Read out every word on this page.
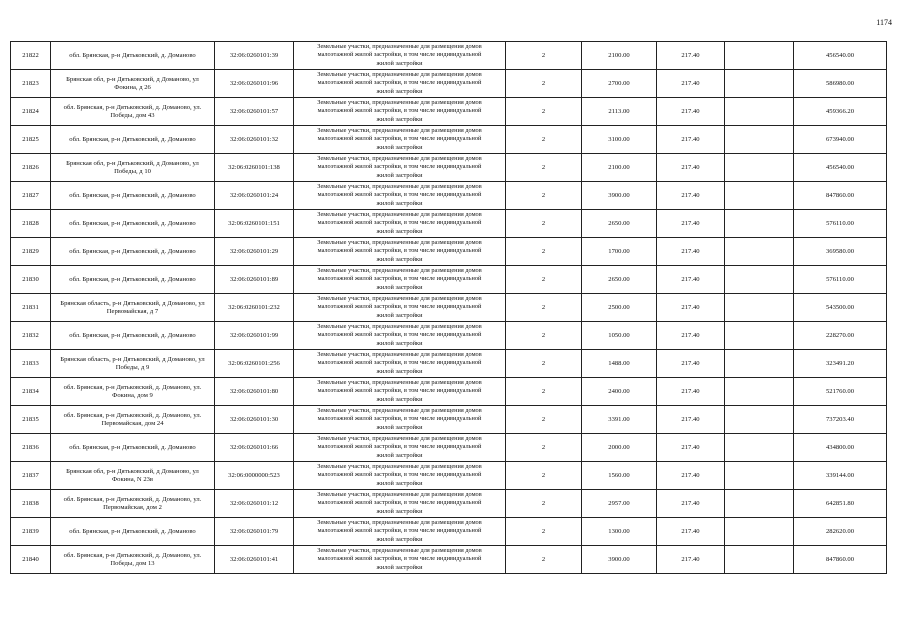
1174
21822	обл. Брянская, р-н Дятьковский, д. Доманово	32:06:0260101:39	Земельные участки, предназначенные для размещения домов
малоэтажной жилой застройки, в том числе индивидуальной
жилой застройки	2	2100.00	217.40		456540.00
21823	Брянская обл, р-н Дятьковский, д Доманово, ул Фокина, д 26	32:06:0260101:96	Земельные участки, предназначенные для размещения домов
малоэтажной жилой застройки, в том числе индивидуальной
жилой застройки	2	2700.00	217.40		586980.00
21824	обл. Брянская, р-н Дятьковский, д. Доманово, ул. Победы, дом 43	32:06:0260101:57	Земельные участки, предназначенные для размещения домов
малоэтажной жилой застройки, в том числе индивидуальной
жилой застройки	2	2113.00	217.40		459366.20
21825	обл. Брянская, р-н Дятьковский, д. Доманово	32:06:0260101:32	Земельные участки, предназначенные для размещения домов
малоэтажной жилой застройки, в том числе индивидуальной
жилой застройки	2	3100.00	217.40		673940.00
21826	Брянская обл, р-н Дятьковский, д Доманово, ул Победы, д 10	32:06:0260101:138	Земельные участки, предназначенные для размещения домов
малоэтажной жилой застройки, в том числе индивидуальной
жилой застройки	2	2100.00	217.40		456540.00
21827	обл. Брянская, р-н Дятьковский, д. Доманово	32:06:0260101:24	Земельные участки, предназначенные для размещения домов
малоэтажной жилой застройки, в том числе индивидуальной
жилой застройки	2	3900.00	217.40		847860.00
21828	обл. Брянская, р-н Дятьковский, д. Доманово	32:06:0260101:151	Земельные участки, предназначенные для размещения домов
малоэтажной жилой застройки, в том числе индивидуальной
жилой застройки	2	2650.00	217.40		576110.00
21829	обл. Брянская, р-н Дятьковский, д. Доманово	32:06:0260101:29	Земельные участки, предназначенные для размещения домов
малоэтажной жилой застройки, в том числе индивидуальной
жилой застройки	2	1700.00	217.40		369580.00
21830	обл. Брянская, р-н Дятьковский, д. Доманово	32:06:0260101:89	Земельные участки, предназначенные для размещения домов
малоэтажной жилой застройки, в том числе индивидуальной
жилой застройки	2	2650.00	217.40		576110.00
21831	Брянская область, р-н Дятьковский, д Доманово, ул Первомайская, д 7	32:06:0260101:232	Земельные участки, предназначенные для размещения домов
малоэтажной жилой застройки, в том числе индивидуальной
жилой застройки	2	2500.00	217.40		543500.00
21832	обл. Брянская, р-н Дятьковский, д. Доманово	32:06:0260101:99	Земельные участки, предназначенные для размещения домов
малоэтажной жилой застройки, в том числе индивидуальной
жилой застройки	2	1050.00	217.40		228270.00
21833	Брянская область, р-н Дятьковский, д Доманово, ул Победы, д 9	32:06:0260101:256	Земельные участки, предназначенные для размещения домов
малоэтажной жилой застройки, в том числе индивидуальной
жилой застройки	2	1488.00	217.40		323491.20
21834	обл. Брянская, р-н Дятьковский, д. Доманово, ул. Фокина, дом 9	32:06:0260101:80	Земельные участки, предназначенные для размещения домов
малоэтажной жилой застройки, в том числе индивидуальной
жилой застройки	2	2400.00	217.40		521760.00
21835	обл. Брянская, р-н Дятьковский, д. Доманово, ул. Первомайская, дом 24	32:06:0260101:30	Земельные участки, предназначенные для размещения домов
малоэтажной жилой застройки, в том числе индивидуальной
жилой застройки	2	3391.00	217.40		737203.40
21836	обл. Брянская, р-н Дятьковский, д. Доманово	32:06:0260101:66	Земельные участки, предназначенные для размещения домов
малоэтажной жилой застройки, в том числе индивидуальной
жилой застройки	2	2000.00	217.40		434800.00
21837	Брянская обл, р-н Дятьковский, д Доманово, ул Фокина, N 23в	32:06:0000000:523	Земельные участки, предназначенные для размещения домов
малоэтажной жилой застройки, в том числе индивидуальной
жилой застройки	2	1560.00	217.40		339144.00
21838	обл. Брянская, р-н Дятьковский, д. Доманово, ул. Первомайская, дом 2	32:06:0260101:12	Земельные участки, предназначенные для размещения домов
малоэтажной жилой застройки, в том числе индивидуальной
жилой застройки	2	2957.00	217.40		642851.80
21839	обл. Брянская, р-н Дятьковский, д. Доманово	32:06:0260101:79	Земельные участки, предназначенные для размещения домов
малоэтажной жилой застройки, в том числе индивидуальной
жилой застройки	2	1300.00	217.40		282620.00
21840	обл. Брянская, р-н Дятьковский, д. Доманово, ул. Победы, дом 13	32:06:0260101:41	Земельные участки, предназначенные для размещения домов
малоэтажной жилой застройки, в том числе индивидуальной
жилой застройки	2	3900.00	217.40		847860.00
